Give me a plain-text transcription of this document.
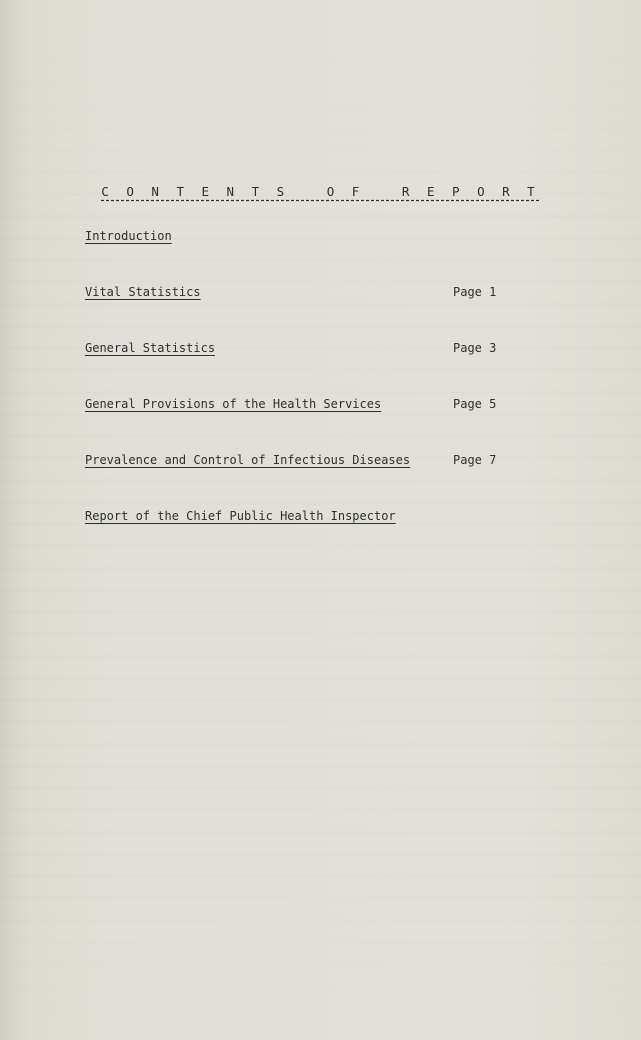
C O N T E N T S   O F   R E P O R T
Introduction
Vital Statistics	Page 1
General Statistics	Page 3
General Provisions of the Health Services	Page 5
Prevalence and Control of Infectious Diseases	Page 7
Report of the Chief Public Health Inspector
